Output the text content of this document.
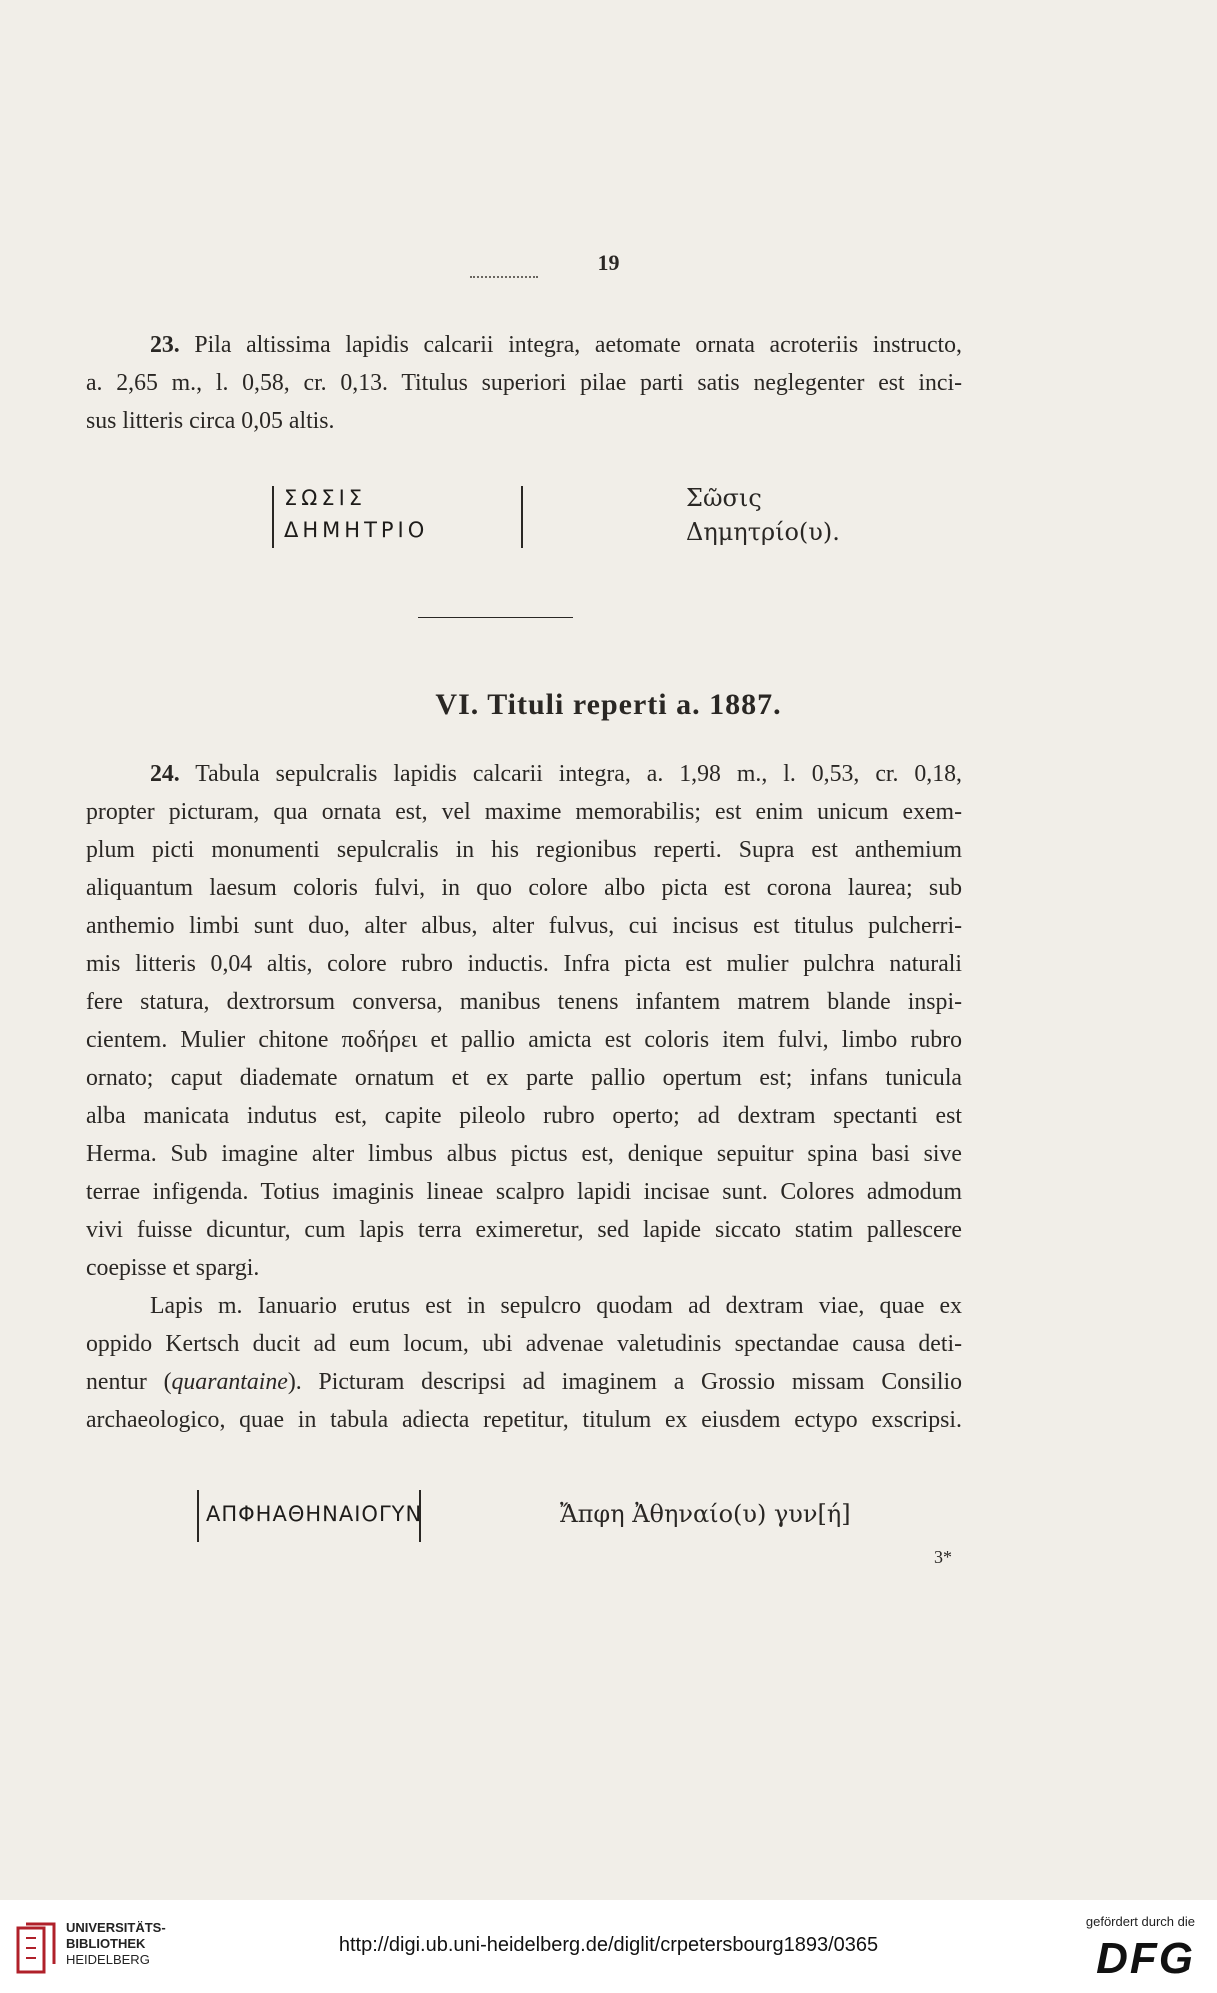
19
23. Pila altissima lapidis calcarii integra, aetomate ornata acroteriis instructo,
a. 2,65 m., l. 0,58, cr. 0,13. Titulus superiori pilae parti satis neglegenter est inci-
sus litteris circa 0,05 altis.
ΣΩΣΙΣ
ΔΗΜΗΤΡΙΟ
Σῶσις
Δημητρίο(υ).
VI. Tituli reperti a. 1887.
24. Tabula sepulcralis lapidis calcarii integra, a. 1,98 m., l. 0,53, cr. 0,18,
propter picturam, qua ornata est, vel maxime memorabilis; est enim unicum exem-
plum picti monumenti sepulcralis in his regionibus reperti. Supra est anthemium
aliquantum laesum coloris fulvi, in quo colore albo picta est corona laurea; sub
anthemio limbi sunt duo, alter albus, alter fulvus, cui incisus est titulus pulcherri-
mis litteris 0,04 altis, colore rubro inductis. Infra picta est mulier pulchra naturali
fere statura, dextrorsum conversa, manibus tenens infantem matrem blande inspi-
cientem. Mulier chitone ποδήρει et pallio amicta est coloris item fulvi, limbo rubro
ornato; caput diademate ornatum et ex parte pallio opertum est; infans tunicula
alba manicata indutus est, capite pileolo rubro operto; ad dextram spectanti est
Herma. Sub imagine alter limbus albus pictus est, denique sepuitur spina basi sive
terrae infigenda. Totius imaginis lineae scalpro lapidi incisae sunt. Colores admodum
vivi fuisse dicuntur, cum lapis terra eximeretur, sed lapide siccato statim pallescere
coepisse et spargi.
Lapis m. Ianuario erutus est in sepulcro quodam ad dextram viae, quae ex
oppido Kertsch ducit ad eum locum, ubi advenae valetudinis spectandae causa deti-
nentur (quarantaine). Picturam descripsi ad imaginem a Grossio missam Consilio
archaeologico, quae in tabula adiecta repetitur, titulum ex eiusdem ectypo exscripsi.
ΑΠΦΗΑΘΗΝΑΙΟΓΥΝ	Ἄπφη Ἀθηναίο(υ) γυν[ή]
3*
UNIVERSITÄTS-
BIBLIOTHEK
HEIDELBERG
http://digi.ub.uni-heidelberg.de/diglit/crpetersbourg1893/0365
gefördert durch die
DFG
